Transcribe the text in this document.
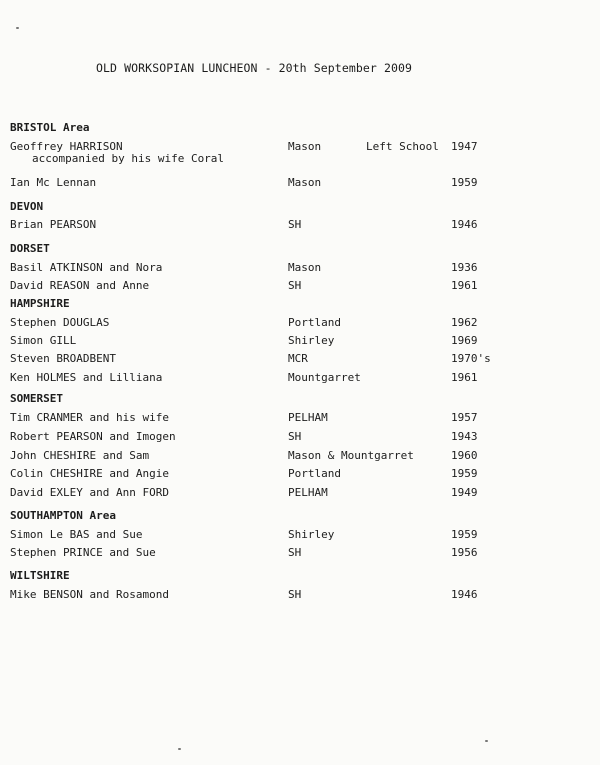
OLD WORKSOPIAN LUNCHEON - 20th September 2009
BRISTOL Area
Geoffrey HARRISON	Mason	Left School 1947
accompanied by his wife Coral
Ian Mc Lennan	Mason	1959
DEVON
Brian PEARSON	SH	1946
DORSET
Basil ATKINSON and Nora	Mason	1936
David REASON and Anne	SH	1961
HAMPSHIRE
Stephen DOUGLAS	Portland	1962
Simon GILL	Shirley	1969
Steven BROADBENT	MCR	1970's
Ken HOLMES and Lilliana	Mountgarret	1961
SOMERSET
Tim CRANMER and his wife	PELHAM	1957
Robert PEARSON and Imogen	SH	1943
John CHESHIRE and Sam	Mason & Mountgarret	1960
Colin CHESHIRE and Angie	Portland	1959
David EXLEY and Ann FORD	PELHAM	1949
SOUTHAMPTON Area
Simon Le BAS and Sue	Shirley	1959
Stephen PRINCE and Sue	SH	1956
WILTSHIRE
Mike BENSON and Rosamond	SH	1946
